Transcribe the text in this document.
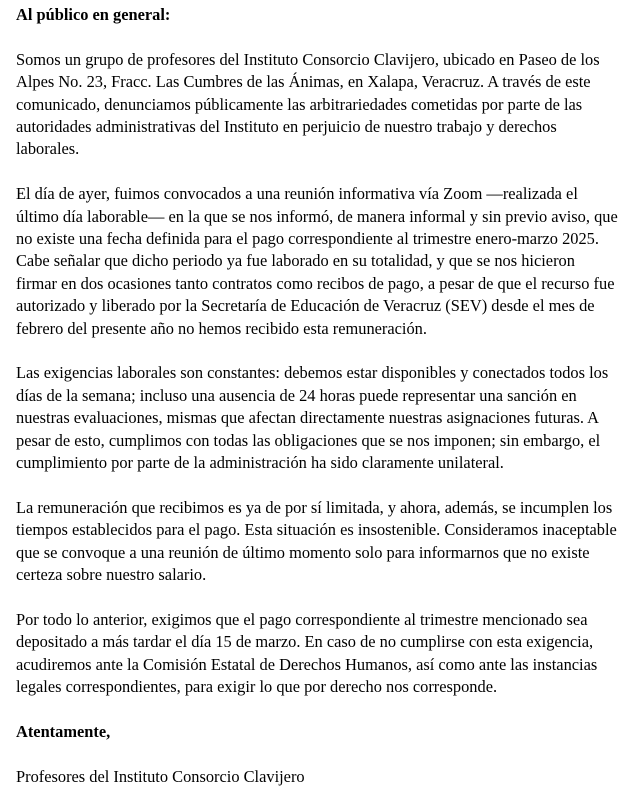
Al público en general:

Somos un grupo de profesores del Instituto Consorcio Clavijero, ubicado en Paseo de los
Alpes No. 23, Fracc. Las Cumbres de las Ánimas, en Xalapa, Veracruz. A través de este
comunicado, denunciamos públicamente las arbitrariedades cometidas por parte de las
autoridades administrativas del Instituto en perjuicio de nuestro trabajo y derechos
laborales.
El día de ayer, fuimos convocados a una reunión informativa vía Zoom —realizada el
último día laborable— en la que se nos informó, de manera informal y sin previo aviso, que
no existe una fecha definida para el pago correspondiente al trimestre enero-marzo 2025.
Cabe señalar que dicho periodo ya fue laborado en su totalidad, y que se nos hicieron
firmar en dos ocasiones tanto contratos como recibos de pago, a pesar de que el recurso fue
autorizado y liberado por la Secretaría de Educación de Veracruz (SEV) desde el mes de
febrero del presente año no hemos recibido esta remuneración.
Las exigencias laborales son constantes: debemos estar disponibles y conectados todos los
días de la semana; incluso una ausencia de 24 horas puede representar una sanción en
nuestras evaluaciones, mismas que afectan directamente nuestras asignaciones futuras. A
pesar de esto, cumplimos con todas las obligaciones que se nos imponen; sin embargo, el
cumplimiento por parte de la administración ha sido claramente unilateral.
La remuneración que recibimos es ya de por sí limitada, y ahora, además, se incumplen los
tiempos establecidos para el pago. Esta situación es insostenible. Consideramos inaceptable
que se convoque a una reunión de último momento solo para informarnos que no existe
certeza sobre nuestro salario.
Por todo lo anterior, exigimos que el pago correspondiente al trimestre mencionado sea
depositado a más tardar el día 15 de marzo. En caso de no cumplirse con esta exigencia,
acudiremos ante la Comisión Estatal de Derechos Humanos, así como ante las instancias
legales correspondientes, para exigir lo que por derecho nos corresponde.

Atentamente,

Profesores del Instituto Consorcio Clavijero
